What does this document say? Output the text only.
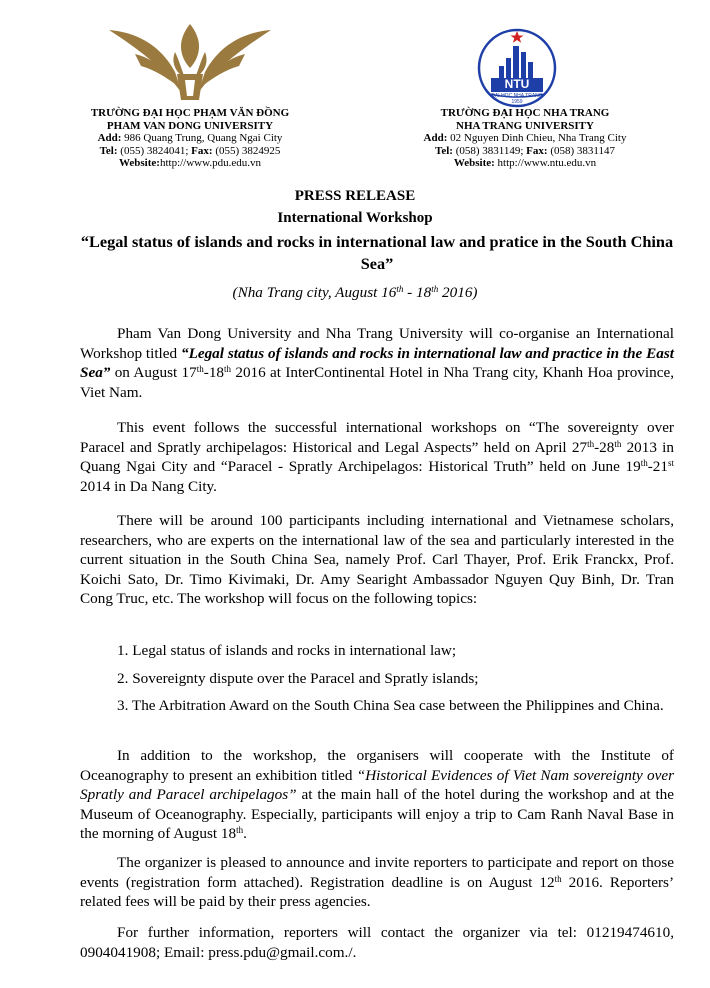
NTU
ĐẠI HỌC NHA TRANG
1959
TRƯỜNG ĐẠI HỌC PHẠM VĂN ĐỒNG
PHAM VAN DONG UNIVERSITY
Add: 986 Quang Trung, Quang Ngai City
Tel: (055) 3824041; Fax: (055) 3824925
Website:http://www.pdu.edu.vn
TRƯỜNG ĐẠI HỌC NHA TRANG
NHA TRANG UNIVERSITY
Add: 02 Nguyen Dinh Chieu, Nha Trang City
Tel: (058) 3831149; Fax: (058) 3831147
Website: http://www.ntu.edu.vn
PRESS RELEASE
International Workshop
“Legal status of islands and rocks in international law and pratice in the South China Sea”
(Nha Trang city, August 16th - 18th 2016)
Pham Van Dong University and Nha Trang University will co-organise an International Workshop titled “Legal status of islands and rocks in international law and practice in the East Sea” on August 17th-18th 2016 at InterContinental Hotel in Nha Trang city, Khanh Hoa province, Viet Nam.
This event follows the successful international workshops on “The sovereignty over Paracel and Spratly archipelagos: Historical and Legal Aspects” held on April 27th-28th 2013 in Quang Ngai City and “Paracel - Spratly Archipelagos: Historical Truth” held on June 19th-21st 2014 in Da Nang City.
There will be around 100 participants including international and Vietnamese scholars, researchers, who are experts on the international law of the sea and particularly interested in the current situation in the South China Sea, namely Prof. Carl Thayer, Prof. Erik Franckx, Prof. Koichi Sato, Dr. Timo Kivimaki, Dr. Amy Searight Ambassador Nguyen Quy Binh, Dr. Tran Cong Truc, etc. The workshop will focus on the following topics:
1. Legal status of islands and rocks in international law;
2. Sovereignty dispute over the Paracel and Spratly islands;
3. The Arbitration Award on the South China Sea case between the Philippines and China.
In addition to the workshop, the organisers will cooperate with the Institute of Oceanography to present an exhibition titled “Historical Evidences of Viet Nam sovereignty over Spratly and Paracel archipelagos” at the main hall of the hotel during the workshop and at the Museum of Oceanography. Especially, participants will enjoy a trip to Cam Ranh Naval Base in the morning of August 18th.
The organizer is pleased to announce and invite reporters to participate and report on those events (registration form attached). Registration deadline is on August 12th 2016. Reporters’ related fees will be paid by their press agencies.
For further information, reporters will contact the organizer via tel: 01219474610, 0904041908; Email: press.pdu@gmail.com./.
